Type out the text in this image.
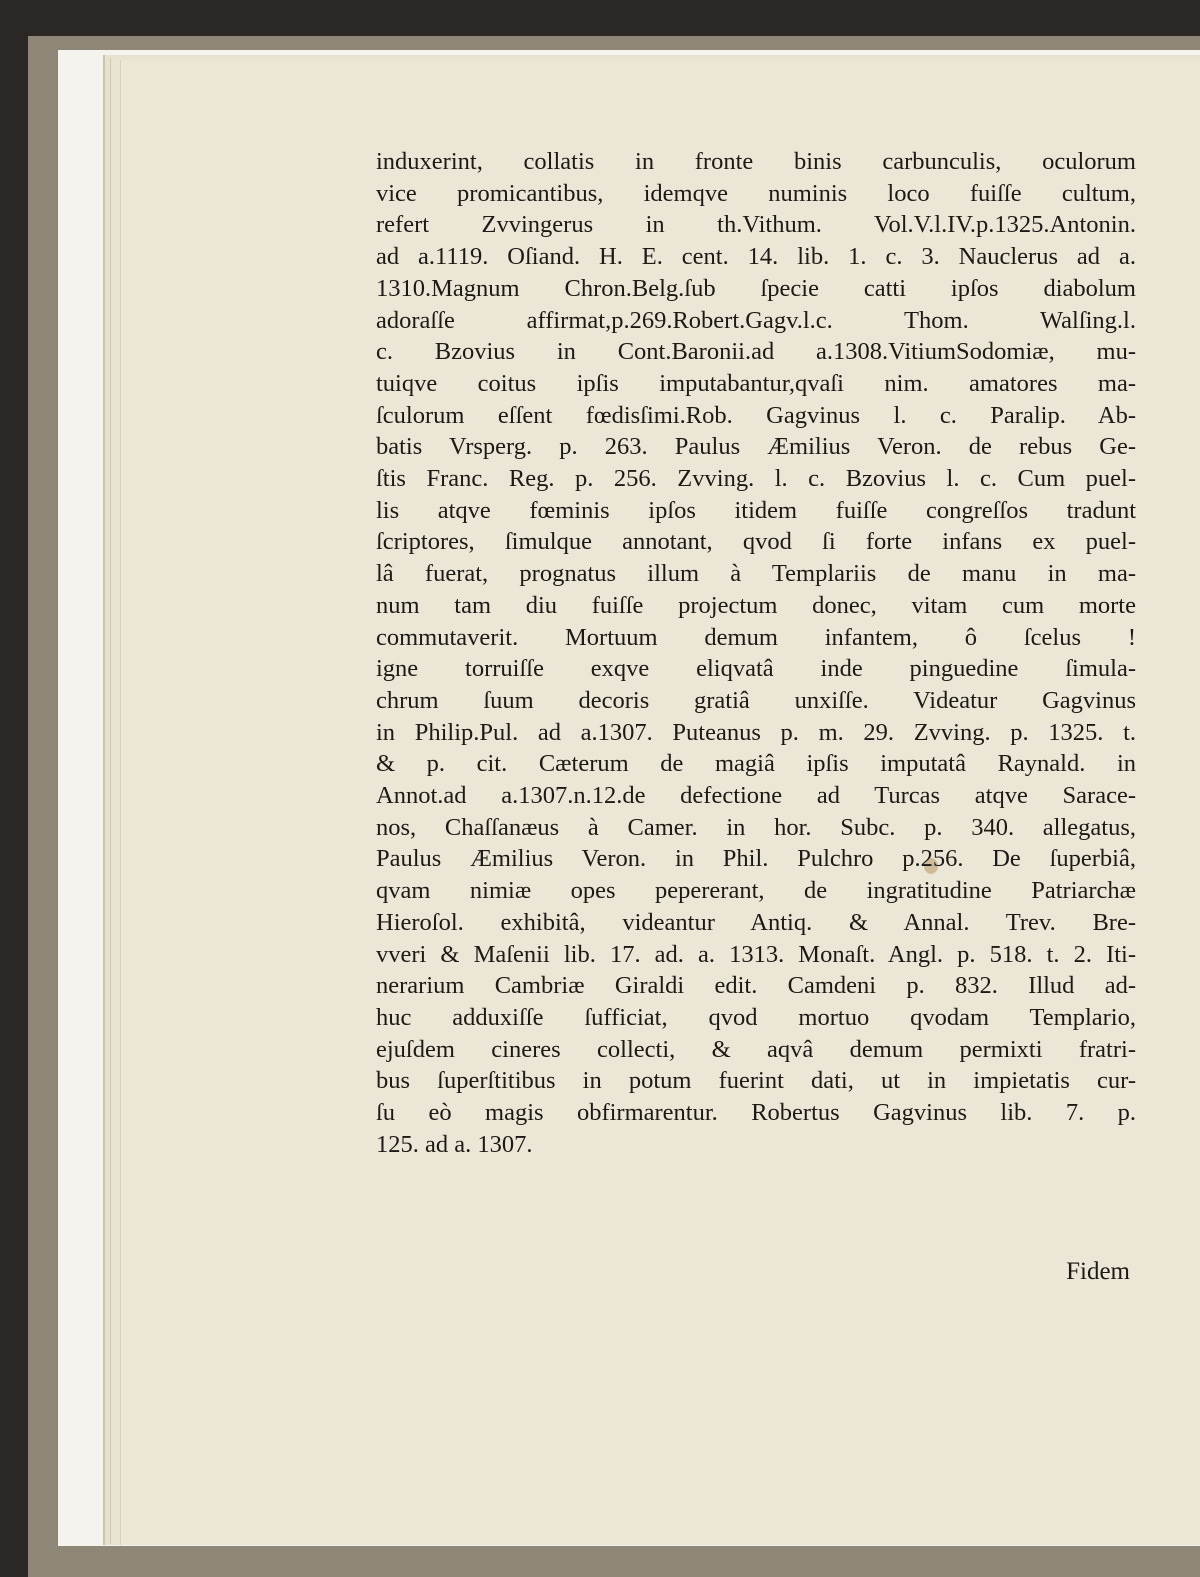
induxerint, collatis in fronte binis carbunculis, oculorum
vice promicantibus, idemqve numinis loco fuiſſe cultum,
refert Zvvingerus in th.Vithum. Vol.V.l.IV.p.1325.Antonin.
ad a.1119. Oſiand. H. E. cent. 14. lib. 1. c. 3. Nauclerus ad a.
1310.Magnum Chron.Belg.ſub ſpecie catti ipſos diabolum
adoraſſe affirmat,p.269.Robert.Gagv.l.c. Thom. Walſing.l.
c. Bzovius in Cont.Baronii.ad a.1308.VitiumSodomiæ, mu-
tuiqve coitus ipſis imputabantur,qvaſi nim. amatores ma-
ſculorum eſſent fœdisſimi.Rob. Gagvinus l. c. Paralip. Ab-
batis Vrsperg. p. 263. Paulus Æmilius Veron. de rebus Ge-
ſtis Franc. Reg. p. 256. Zvving. l. c. Bzovius l. c. Cum puel-
lis atqve fœminis ipſos itidem fuiſſe congreſſos tradunt
ſcriptores, ſimulque annotant, qvod ſi forte infans ex puel-
lâ fuerat, prognatus illum à Templariis de manu in ma-
num tam diu fuiſſe projectum donec, vitam cum morte
commutaverit. Mortuum demum infantem, ô ſcelus !
igne torruiſſe exqve eliqvatâ inde pinguedine ſimula-
chrum ſuum decoris gratiâ unxiſſe. Videatur Gagvinus
in Philip.Pul. ad a.1307. Puteanus p. m. 29. Zvving. p. 1325. t.
& p. cit. Cæterum de magiâ ipſis imputatâ Raynald. in
Annot.ad a.1307.n.12.de defectione ad Turcas atqve Sarace-
nos, Chaſſanæus à Camer. in hor. Subc. p. 340. allegatus,
Paulus Æmilius Veron. in Phil. Pulchro p.256. De ſuperbiâ,
qvam nimiæ opes pepererant, de ingratitudine Patriarchæ
Hieroſol. exhibitâ, videantur Antiq. & Annal. Trev. Bre-
vveri & Maſenii lib. 17. ad. a. 1313. Monaſt. Angl. p. 518. t. 2. Iti-
nerarium Cambriæ Giraldi edit. Camdeni p. 832. Illud ad-
huc adduxiſſe ſufficiat, qvod mortuo qvodam Templario,
ejuſdem cineres collecti, & aqvâ demum permixti fratri-
bus ſuperſtitibus in potum fuerint dati, ut in impietatis cur-
ſu eò magis obfirmarentur. Robertus Gagvinus lib. 7. p.
125. ad a. 1307.
Fidem
